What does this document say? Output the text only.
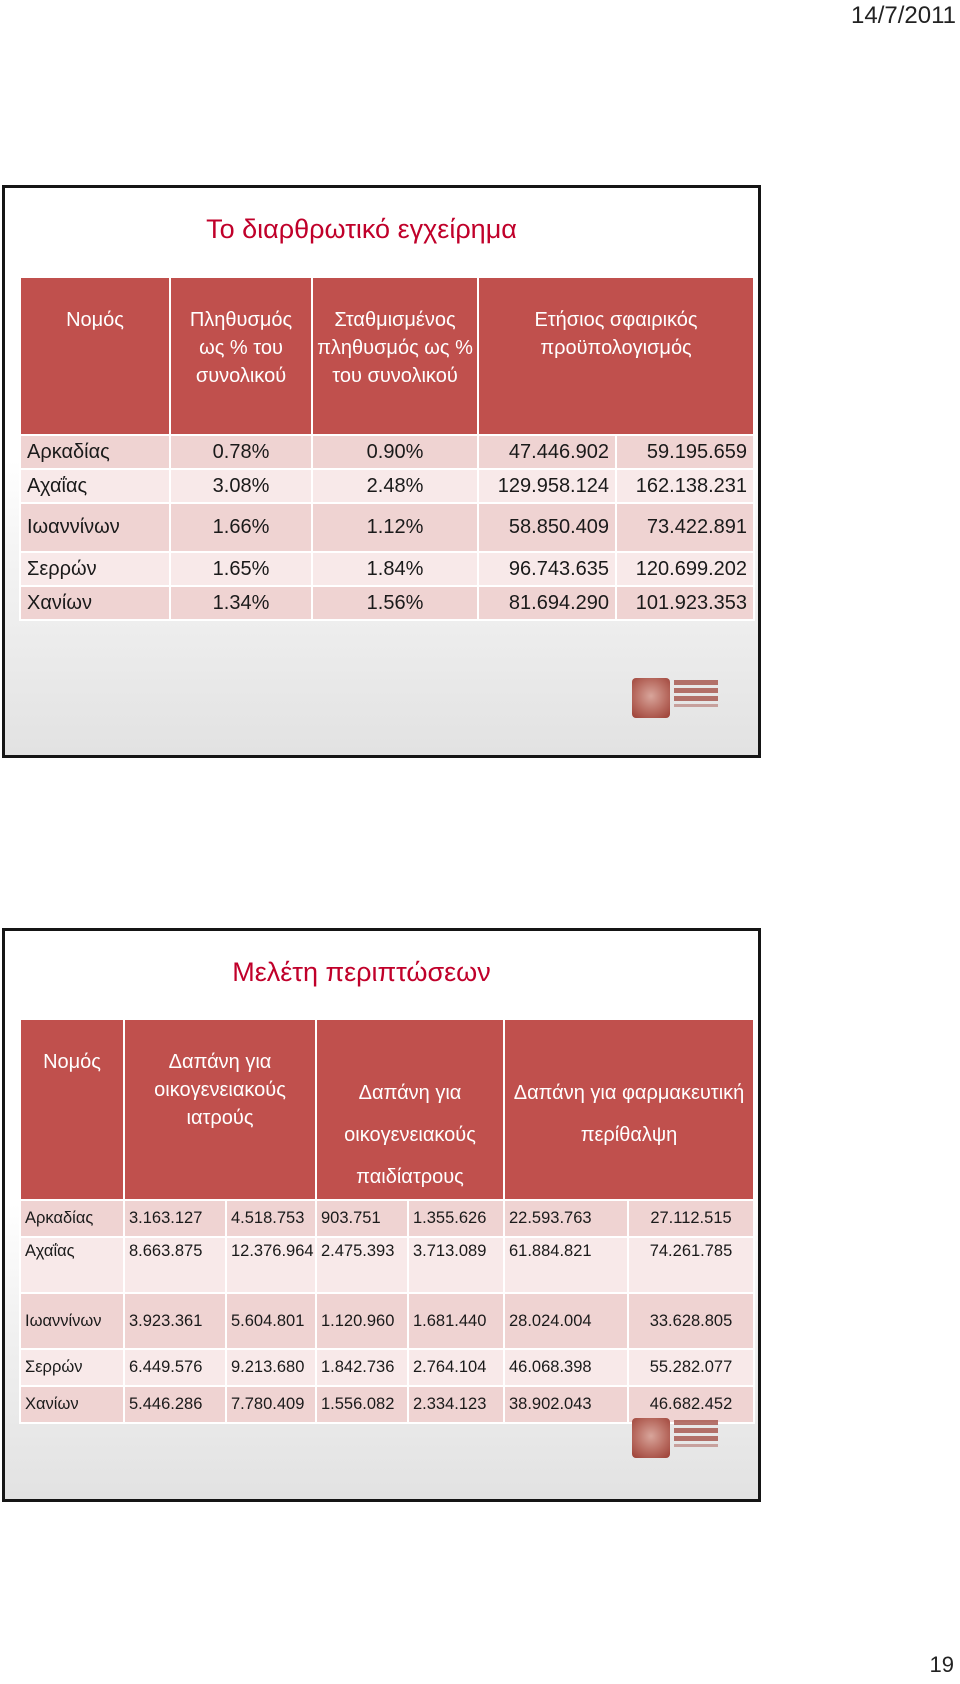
14/7/2011
Το διαρθρωτικό εγχείρημα
Νομός	Πληθυσμός ως % του συνολικού	Σταθμισμένος πληθυσμός ως % του συνολικού	Ετήσιος σφαιρικός προϋπολογισμός	
Αρκαδίας	0.78%	0.90%	47.446.902	59.195.659
Αχαΐας	3.08%	2.48%	129.958.124	162.138.231
Ιωαννίνων	1.66%	1.12%	58.850.409	73.422.891
Σερρών	1.65%	1.84%	96.743.635	120.699.202
Χανίων	1.34%	1.56%	81.694.290	101.923.353
Μελέτη περιπτώσεων
Νομός	Δαπάνη για οικογενειακούς ιατρούς		Δαπάνη για οικογενειακούς παιδίατρους		Δαπάνη για φαρμακευτική περίθαλψη	
Αρκαδίας	3.163.127	4.518.753	903.751	1.355.626	22.593.763	27.112.515
Αχαΐας	8.663.875	12.376.964	2.475.393	3.713.089	61.884.821	74.261.785
Ιωαννίνων	3.923.361	5.604.801	1.120.960	1.681.440	28.024.004	33.628.805
Σερρών	6.449.576	9.213.680	1.842.736	2.764.104	46.068.398	55.282.077
Χανίων	5.446.286	7.780.409	1.556.082	2.334.123	38.902.043	46.682.452
19
